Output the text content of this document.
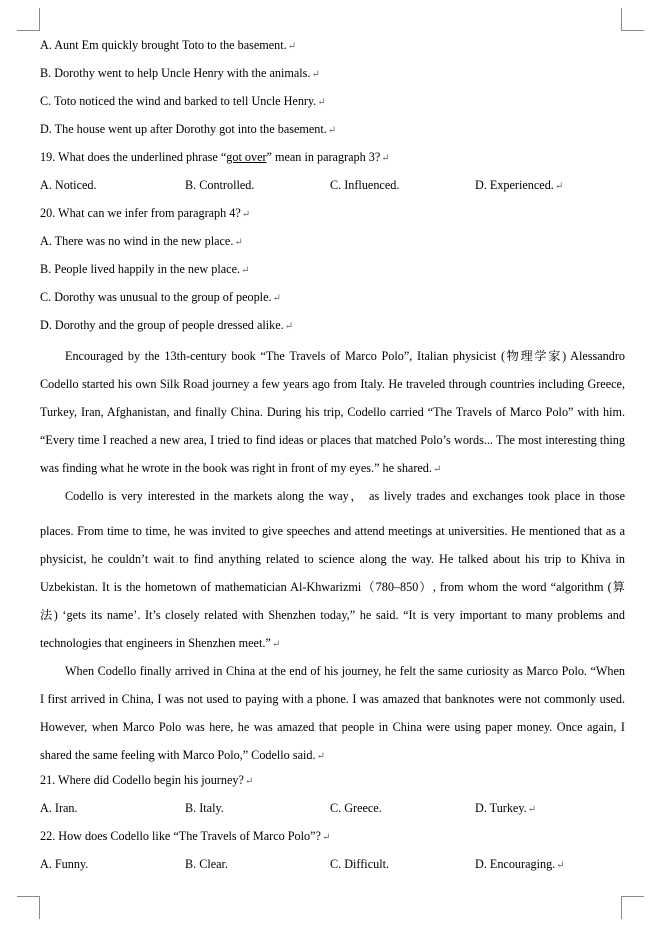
A. Aunt Em quickly brought Toto to the basement.↵
B. Dorothy went to help Uncle Henry with the animals.↵
C. Toto noticed the wind and barked to tell Uncle Henry.↵
D. The house went up after Dorothy got into the basement.↵
19. What does the underlined phrase “got over” mean in paragraph 3?↵
A. Noticed.	B. Controlled.	C. Influenced.	D. Experienced.↵
20. What can we infer from paragraph 4?↵
A. There was no wind in the new place.↵
B. People lived happily in the new place.↵
C. Dorothy was unusual to the group of people.↵
D. Dorothy and the group of people dressed alike.↵
Encouraged by the 13th-century book “The Travels of Marco Polo”, Italian physicist (物理学家) Alessandro
Codello started his own Silk Road journey a few years ago from Italy. He traveled through countries including Greece,
Turkey, Iran, Afghanistan, and finally China. During his trip, Codello carried “The Travels of Marco Polo” with him.
“Every time I reached a new area, I tried to find ideas or places that matched Polo’s words... The most interesting thing
was finding what he wrote in the book was right in front of my eyes.” he shared.↵
Codello is very interested in the markets along the way， as lively trades and exchanges took place in those
places. From time to time, he was invited to give speeches and attend meetings at universities. He mentioned that as a
physicist, he couldn’t wait to find anything related to science along the way. He talked about his trip to Khiva in
Uzbekistan. It is the hometown of mathematician Al-Khwarizmi（780–850）, from whom the word “algorithm (算
法) ‘gets its name’. It’s closely related with Shenzhen today,” he said. “It is very important to many problems and
technologies that engineers in Shenzhen meet.”↵
When Codello finally arrived in China at the end of his journey, he felt the same curiosity as Marco Polo. “When
I first arrived in China, I was not used to paying with a phone. I was amazed that banknotes were not commonly used.
However, when Marco Polo was here, he was amazed that people in China were using paper money. Once again, I
shared the same feeling with Marco Polo,” Codello said.↵
21. Where did Codello begin his journey?↵
A. Iran.	B. Italy.	C. Greece.	D. Turkey.↵
22. How does Codello like “The Travels of Marco Polo”?↵
A. Funny.	B. Clear.	C. Difficult.	D. Encouraging.↵
